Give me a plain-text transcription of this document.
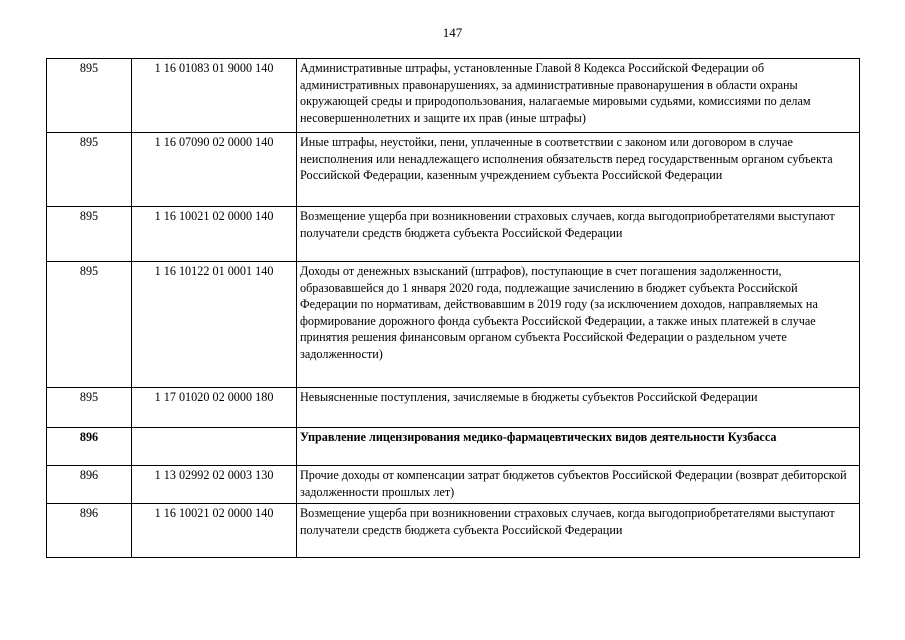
147
895	1 16 01083 01 9000 140	Административные штрафы, установленные Главой 8 Кодекса Российской Федерации об административных правонарушениях, за административные правонарушения в области охраны окружающей среды и природопользования, налагаемые мировыми судьями, комиссиями по делам несовершеннолетних и защите их прав (иные штрафы)
895	1 16 07090 02 0000 140	Иные штрафы, неустойки, пени, уплаченные в соответствии с законом или договором в случае неисполнения или ненадлежащего исполнения обязательств перед государственным органом субъекта Российской Федерации, казенным учреждением субъекта Российской Федерации
895	1 16 10021 02 0000 140	Возмещение ущерба при возникновении страховых случаев, когда выгодоприобретателями выступают получатели средств бюджета субъекта Российской Федерации
895	1 16 10122 01 0001 140	Доходы от денежных взысканий (штрафов), поступающие в счет погашения задолженности, образовавшейся до 1 января 2020 года, подлежащие зачислению в бюджет субъекта Российской Федерации по нормативам, действовавшим в 2019 году (за исключением доходов, направляемых на формирование дорожного фонда субъекта Российской Федерации, а также иных платежей в случае принятия решения финансовым органом субъекта Российской Федерации о раздельном учете задолженности)
895	1 17 01020 02 0000 180	Невыясненные поступления, зачисляемые в бюджеты субъектов Российской Федерации
896		Управление лицензирования медико-фармацевтических видов деятельности Кузбасса
896	1 13 02992 02 0003 130	Прочие доходы от компенсации затрат бюджетов субъектов Российской Федерации (возврат дебиторской задолженности прошлых лет)
896	1 16 10021 02 0000 140	Возмещение ущерба при возникновении страховых случаев, когда выгодоприобретателями выступают получатели средств бюджета субъекта Российской Федерации
